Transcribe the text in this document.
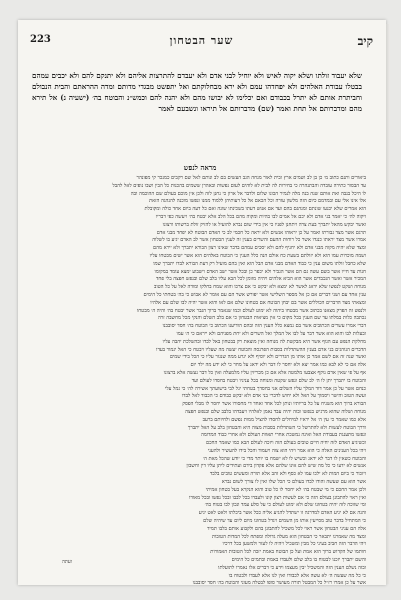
קיב
שער הבטחון
223
שלא יעבוד זולתו ושלא יקוה לאיש ולא יוחיל לבני אדם ולא יעבדם להתרצות אליהם ולא יתנקם להם ולא יכבים עמהם בבטלו עבודת האלהים ולא יפחדהו עמם ולא ירא מבחלוקתם ואל יתפשט מבגדי מדותם ומדה ההראתם והבית הנבולם וחביתרת אותם לא יתרל בכבודם ואם יכלימו לא יבושו מהם ולא יהנה להם וכמש״נ והבוטח בה׳ (ישעיה נ) אל תירא מהם ומדברותם אל תחת ואמר (שם) מדברותם אל תיראו ונשבעם לאמר
מראה לנפש
ביאורים ותנם כתוב מ׳ כן בן לב ושמים ארץ ובית לאור מנחה הגב העשים בם לב ונותם לאל שם רקבים כמנכר קי מפונהר
עד הבסור כתירה עובדה והבתנהרה כי בחירות לה לבית לא לוהים לעום נפשות ובאהרן ששמים בהכנות כל הבין ושבו נופים לאל להבל
לו היכל בנבה ואת אותם שנה בנה מלה לנמיר הכונו שלום ולדבר אל ארון כי נחנן לזה ולכן אין מוכם בעולם שם ההוכמה ובה
אלו אינו אלי עם ובמדמם כיום הזה מלשון עזרה וכל הכאם אל כל דעותיהן ללמוד ממנו ונפשו מוכנה להנהגה הזאת
הוא אמרים שלא יכנעו שונתם ומנהגם בהם ועד אם אנוש דעתו בשכינתו שונה ואם כל דעה ביום אחד כולה ומקובלת
ויקוה לה׳ כי יאמר בני אדם ולא יכם אל אמים לבו בהיות ומקוה מהם בכל הלב אלא יבטח בה׳ ויעשה כפי דבריו
ואשר יבקש מהאל יתברך בעת צרה ויתחנן לפניו כי אין בידי שום נברא להועיל או להזיק זולת ברשותו ורצונו
תרגם אשר מצד גבורתו ואמר על כן יראוהו אנשים ולא יראה כל חכמי לב כי האדם הבוטח לא יפחד מבני אדם
אמרו אשר מצד יראתו כנגדו אשר כל רוחות ההעם והשרים בענין זה לענין הבטחון אשר לב האדם יגיע בו לשלוה
ומצד שלא יהיה מקוה מבני אדם ולא יחניף להם ולא יסכים עמהם בדבר שאינו רצון הבורא יתברך ולא יירא מהם
ושמה מוכרות עמו הוא ולא יזולתם בשעת כח אולם הנה כלל הענין כי הבוטח באלהים הוא אשר ישים מבטחו עליו
שלא כחבל זולתו משום ענין כי כבוד האדם מבני אדם הבל הוא ואין בהם מועיל רק דעת הבורא לבדו יתברך שמו
חנות עד חייו אשר בשם עשה גם הם אשר הגביר ולא יכפר כן ובכל אשר ישב האדם וישבוע ימצא עומד במקומו
המכיר אשר ואשר הנכבדים אשר הוא הביא אלהים ויהיה מזומן לכל הבא עליו בלב שלם ובנפש חפצה בלי פחד
מנוחה ושקט לנפשו שלא ידאג לאשר לא ימצא ולא יבקש כי אם צרכו והוא שמח בחלקו ומודה לאל על כל הטוב
ענין אחד עם ושני דברים אם כן אל מספר השלישי אשר יפורש אשר הם עם אומר לא אבוש כי בה׳ בטחתי כל הימים
ומצאתי מצד הדברים הכוללים אשר בם יבחן הבוטח אם בטחונו שלם אם לאו והוא אשר יהיה לבו שלם עם אלהיו
ולנפש זה הפרק מצאנו בכתוב אשר מבטחו ביהוה לא ימוט לעולם וכמו שנאמר ברוך הגבר אשר יבטח בה׳ והיה ה׳ מבטחו
נכתבה כלות במלתו עד שם הענין בכל מקום כי אין מציאות הבטחון כי אם בלב השלם והנקי מכל מחשבה זרה
דברי אמרו עשרים הכתובים אשר בם נמצא כלל הענין הזה ובהם הודיענו הכתוב כי הבוטח בה׳ חסד יסובבנו
ובעלות לבו והוא הוא אשר דבר על לבו אל המלך ואל השרים ולא יחת מפניהם ולא ייראם כי ה׳ עמו
מחלקת הנפש עם הגוף אשר היא מבקשת לה מנוחה ואין מוצאת רק בבטחון באל לבדו ובהשלכת יהבה עליו
הדברים הנוהגים בני אדם בענין ההשתדלות בסבות הפרנסה והבוטח יעשה מה שעליו ויבטח כי האל יגמור בעדו
ואשר שנה זה אם לשם אמר כן אותו מן הגדרים ולא יוסיף ולא יגרע ממה שנגזר עליו כי הכל בידי שמים
אלה אם כי לא לבא כמו אמר יצא ולא יחסר לו דבר ולא ידאג על מחר כי לא ידע מה ילד יום
אף על פי שאין אדם נוקף אצבעו מלמטה אלא אם כן מכריזין עליו מלמעלה ואין כל דבר נעשה אלא ברצונו
והבוטח בו יתברך יתן לו ה׳ לב שלם ונפש שקטה ומנוחה בכל עניניו ויבטח בחסדו לעולם ועד
כנחם אשר על כן אמר דוד המלך עליו השלום אני בחסדך בטחתי יגל לבי בישועתך אשירה לה׳ כי גמל עלי
ועשה הטוב והישר ויסמוך על האל ולא יחוש לדברי בני אדם ולא יבקש כבודם כי הכבוד לאל לבדו
הבורא ברוך הוא משגיח על כל בריותיו ונותן לכל אחד ואחד די מחסורו אשר יחסר לו מבלי הפסק
מנוחה ושלוה שהוא מרגיש בנפשו ובזה יהיה עבד נאמן לאלהיו ויעבדהו בלבב שלם ובנפש חפצה
אלא כמו שאמר כי עין ה׳ אל יראיו למיחלים לחסדו להציל ממות נפשם ולחיותם ברעב
ודרך הבוטח לעשות ולא להתרשל כי השתדלות בסבות מצוה היא והבטחון בלב על האל יתברך
ונפשו מתענגת בעבודת האל ואינה נמשכת אחרי תאוות העולם ולא אחרי כבוד המדומה
וכשיגיע האדם לזה יחיה חיים טובים בעולם הזה ויזכה לעולם הבא כמו שאמר החכם
ויהי בכל הענינים האלה כי הוא אמר ויהי הוא צוה ויעמוד והכל בידו להעשיר ולהעני
והבוטח כשאין לו דבר לא ידאג וכשיש לו לא ישמח בו יותר מדי כי יודע שהכל מאת ה׳
אנשים לא ידעו כי כל מה שיש להם אינו שלהם אלא פקדון בידם ועתידים ליתן עליו דין וחשבון
ויזכור כי ביום המות לא ילכו עמו לא כסף ולא זהב אלא תורה ומעשים טובים בלבד
אשר הוא עם שעשה והודו לבדו בעולם כי הכל שלו ואין לו צורך לשום נברא
ולכן אמר החכם כי מי שבטח בה׳ לא יחסר לו כל טוב והוא הנקרא בעל בטחון אמיתי
ואין ראוי להתבונן בעולם הזה כי אם לעשות רצון קונו ולעבדו בכל לבבו ובכל נפשו ובכל מאודו
ומי שזוכה לזה יהיה בטחונו שלם ולא ימוט לעולם כי על סלע עמד ונכון לבו בטוח בה׳
והנה אם לא יגיע האדם למדרגה זו ישתדל להגיע אליה ככל אשר ביכלתו ולאט לאט יגיע
כי המתחיל בדבר טוב מסייעין אותו מן השמים ויגדל בטחונו מיום ליום עד שיהיה שלם
אלה הם עניני הבטחון אשר ראוי לכל משכיל להתבונן בהם ולקבוע אותם בלבו תמיד
ומצד מה שאמרנו יתבאר כי הבטחון הוא מעלה גדולה ומפתח לכל המדות הטובות
ויהי הדבר הזה חביב בעיני כל מבין ומשכיל ויהיה לו לעזר ולמשען בכל דרכיו
חותמו של הקדוש ברוך הוא אמת ועל כן הבוטח באמת יזכה לכל הטובות האמורות
והשם יתברך יזכנו לבטוח בו בלב שלם ולעבדו באמת ובתמים כל הימים
ובזה נשלם הענין הזה והמשכיל יבין מעצמו וידע כי דברים אלו נאמרו לתועלתו
כי כל מה שעשה ה׳ לא עשה אלא לכבודו ואין לנו אלא לעבדו ולבטוח בו
אשר על כן אמרו רז״ל כל המבטל תורה מעושר סופו לבטלה מעוני והבוטח בה׳ חסד יסובבנו
ועתה
